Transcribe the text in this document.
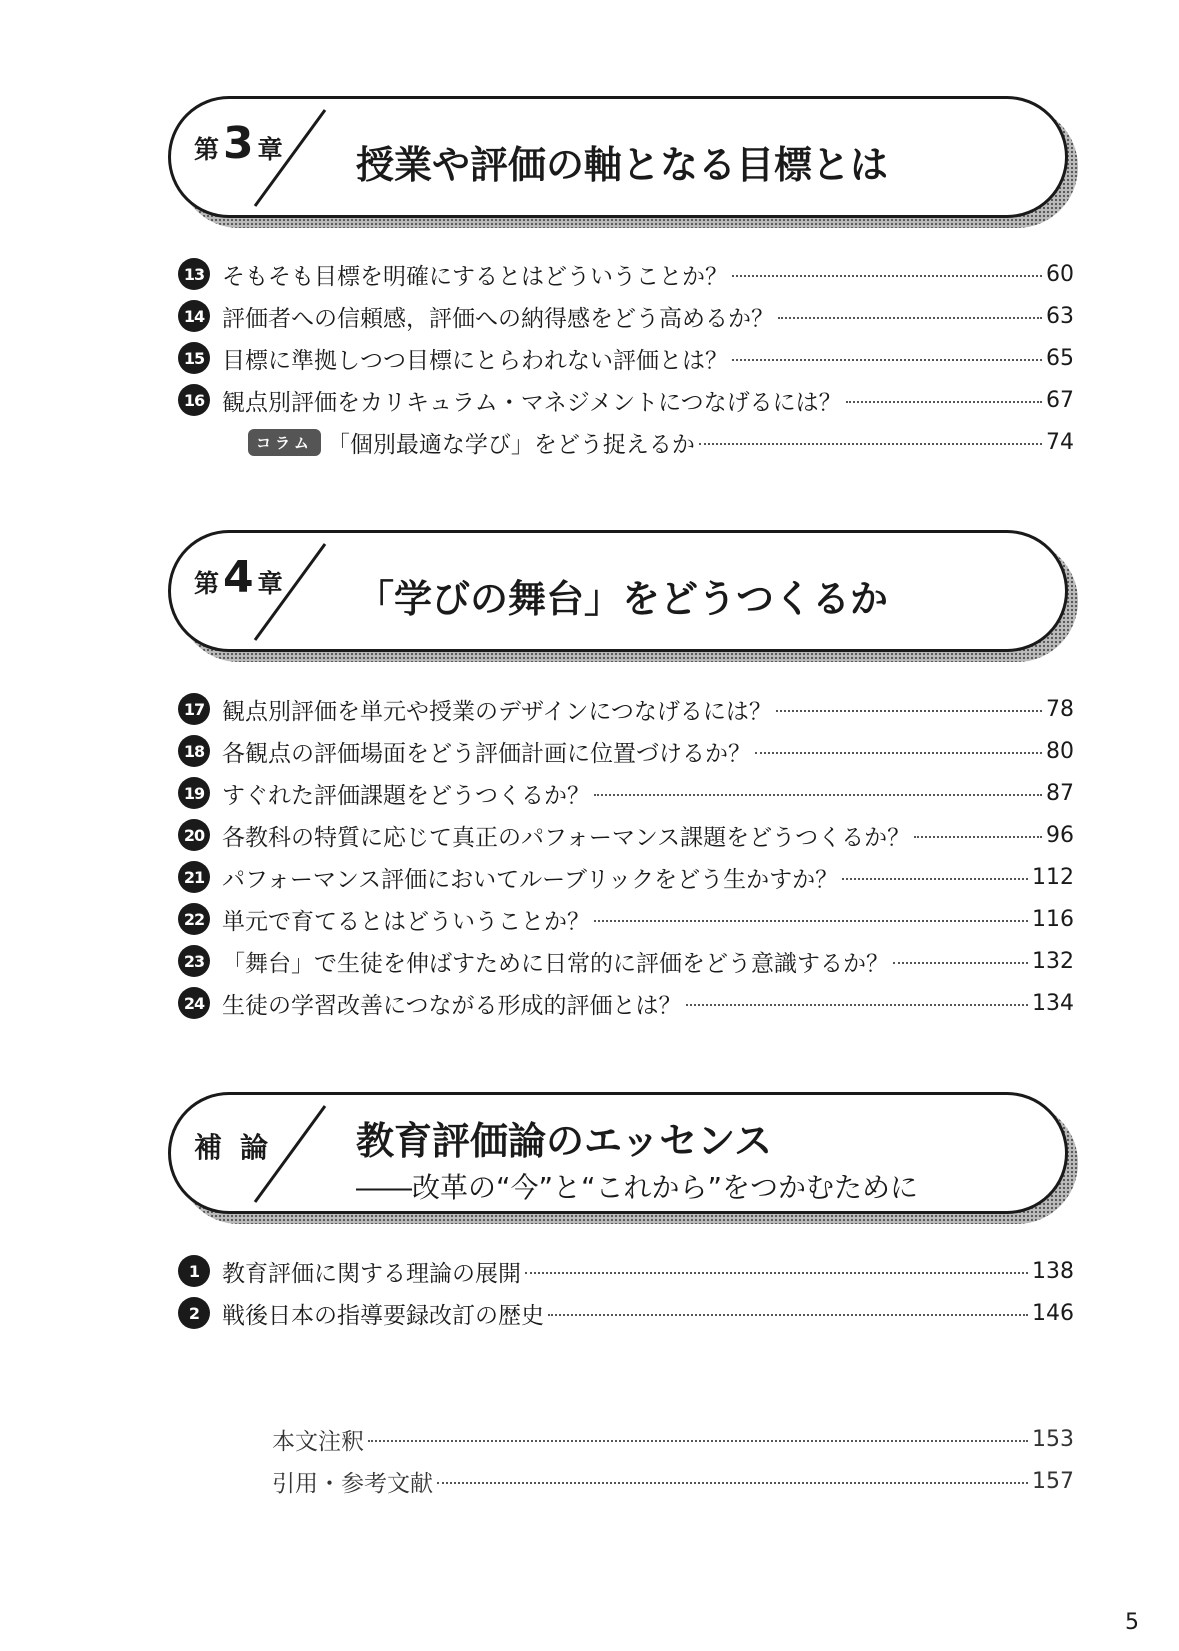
第3 章 授業や評価の軸となる目標とは
13 そもそも目標を明確にするとはどういうことか？	60
14 評価者への信頼感，評価への納得感をどう高めるか？	63
15 目標に準拠しつつ目標にとらわれない評価とは？	65
16 観点別評価をカリキュラム・マネジメントにつなげるには？	67
コラム 「個別最適な学び」をどう捉えるか	74
第4 章 「学びの舞台」をどうつくるか
17 観点別評価を単元や授業のデザインにつなげるには？	78
18 各観点の評価場面をどう評価計画に位置づけるか？	80
19 すぐれた評価課題をどうつくるか？	87
20 各教科の特質に応じて真正のパフォーマンス課題をどうつくるか？	96
21 パフォーマンス評価においてルーブリックをどう生かすか？	112
22 単元で育てるとはどういうことか？	116
23 「舞台」で生徒を伸ばすために日常的に評価をどう意識するか？	132
24 生徒の学習改善につながる形成的評価とは？	134
補論 教育評価論のエッセンス
――改革の“今”と“これから”をつかむために
1 教育評価に関する理論の展開	138
2 戦後日本の指導要録改訂の歴史	146
本文注釈	153
引用・参考文献	157
5
